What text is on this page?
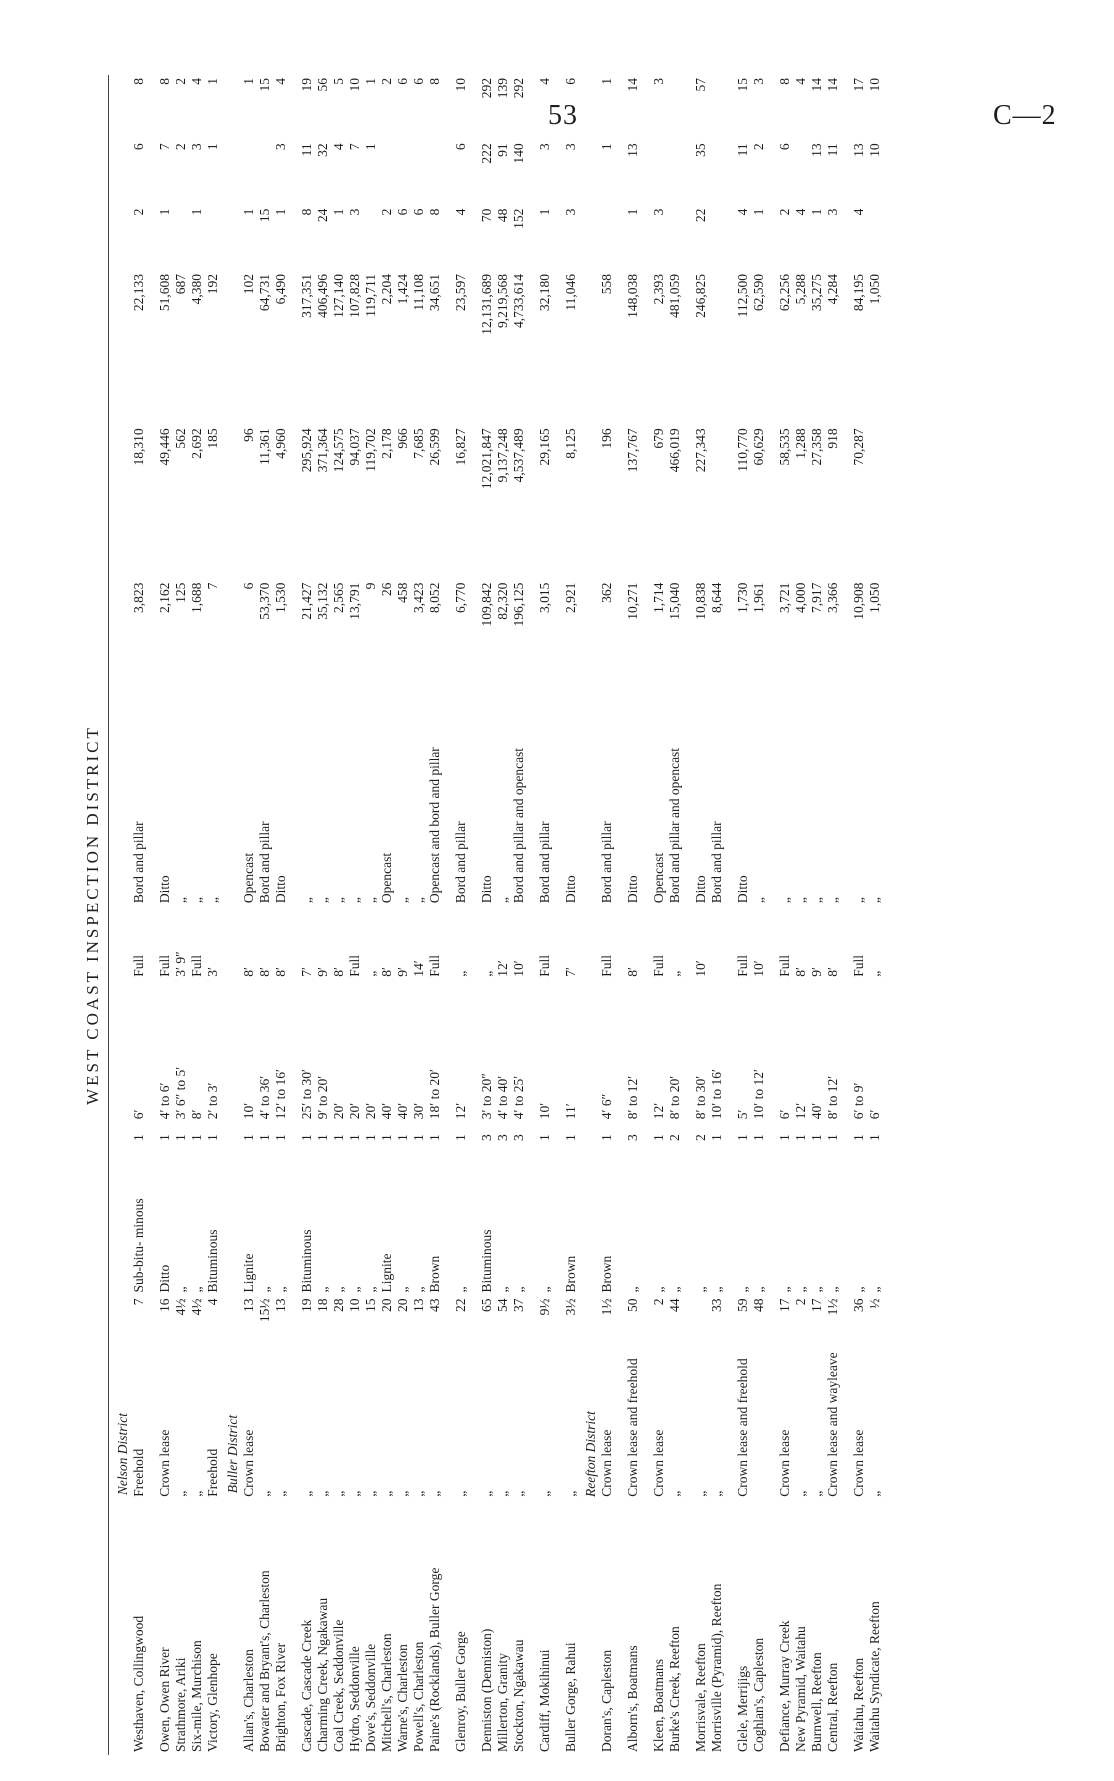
53	C—2
WEST COAST INSPECTION DISTRICT

Nelson District													
Westhaven, Collingwood	Freehold	7	Sub-bitu- minous	1	6′	Full	Bord and pillar	3,823	18,310	22,133	2	6	8

Owen, Owen River	Crown lease	16	Ditto	1	4′ to 6′	Full	Ditto	2,162	49,446	51,608	1	7	8
Strathmore, Ariki	„	4½	„	1	3′ 6″ to 5′	3′ 9″	„	125	562	687		2	2
Six-mile, Murchison	„	4½	„	1	8′	Full	„	1,688	2,692	4,380	1	3	4
Victory, Glenhope	Freehold	4	Bituminous	1	2′ to 3′	3′	„	7	185	192		1	1
Buller District													
Allan's, Charleston	Crown lease	13	Lignite	1	10′	8′	Opencast	6	96	102	1		1
Bowater and Bryant's, Charleston	„	15½	„	1	4′ to 36′	8′	Bord and pillar	53,370	11,361	64,731	15		15
Brighton, Fox River	„	13	„	1	12′ to 16′	8′	Ditto	1,530	4,960	6,490	1	3	4

Cascade, Cascade Creek	„	19	Bituminous	1	25′ to 30′	7′	„	21,427	295,924	317,351	8	11	19
Charming Creek, Ngakawau	„	18	„	1	9′ to 20′	9′	„	35,132	371,364	406,496	24	32	56
Coal Creek, Seddonville	„	28	„	1	20′	8′	„	2,565	124,575	127,140	1	4	5
Hydro, Seddonville	„	10	„	1	20′	Full	„	13,791	94,037	107,828	3	7	10
Dove's, Seddonville	„	15	„	1	20′	„	„	9	119,702	119,711		1	1
Mitchell's, Charleston	„	20	Lignite	1	40′	8′	Opencast	26	2,178	2,204	2		2
Warne's, Charleston	„	20	„	1	40′	9′	„	458	966	1,424	6		6
Powell's, Charleston	„	13	„	1	30′	14′	„	3,423	7,685	11,108	6		6
Paine's (Rocklands), Buller Gorge	„	43	Brown	1	18′ to 20′	Full	Opencast and bord and pillar	8,052	26,599	34,651	8		8

Glenroy, Buller Gorge	„	22	„	1	12′	„	Bord and pillar	6,770	16,827	23,597	4	6	10

Denniston (Denniston)	„	65	Bituminous	3	3′ to 20″	„	Ditto	109,842	12,021,847	12,131,689	70	222	292
Millerton, Granity	„	54	„	3	4′ to 40′	12′	„	82,320	9,137,248	9,219,568	48	91	139
Stockton, Ngakawau	„	37	„	3	4′ to 25′	10′	Bord and pillar and opencast	196,125	4,537,489	4,733,614	152	140	292

Cardiff, Mokihinui	„	9½	„	1	10′	Full	Bord and pillar	3,015	29,165	32,180	1	3	4

Buller Gorge, Rahui	„	3½	Brown	1	11′	7′	Ditto	2,921	8,125	11,046	3	3	6
Reefton District													
Doran's, Capleston	Crown lease	1½	Brown	1	4′ 6″	Full	Bord and pillar	362	196	558		1	1

Alborn's, Boatmans	Crown lease and freehold	50	„	3	8′ to 12′	8′	Ditto	10,271	137,767	148,038	1	13	14

Kleen, Boatmans	Crown lease	2	„	1	12′	Full	Opencast	1,714	679	2,393	3		3
Burke's Creek, Reefton	„	44	„	2	8′ to 20′	„	Bord and pillar and opencast	15,040	466,019	481,059			

Morrisvale, Reefton	„		„	2	8′ to 30′	10′	Ditto	10,838	227,343	246,825	22	35	57
Morrisville (Pyramid), Reefton	„	33	„	1	10′ to 16′		Bord and pillar	8,644					

Glele, Merrijigs	Crown lease and freehold	59	„	1	5′	Full	Ditto	1,730	110,770	112,500	4	11	15
Coghlan's, Capleston		48	„	1	10′ to 12′	10′	„	1,961	60,629	62,590	1	2	3

Defiance, Murray Creek	Crown lease	17	„	1	6′	Full	„	3,721	58,535	62,256	2	6	8
New Pyramid, Waitahu	„	2	„	1	12′	8′	„	4,000	1,288	5,288	4		4
Burnwell, Reefton	„	17	„	1	40′	9′	„	7,917	27,358	35,275	1	13	14
Central, Reefton	Crown lease and wayleave	1½	„	1	8′ to 12′	8′	„	3,366	918	4,284	3	11	14

Waitahu, Reefton	Crown lease	36	„	1	6′ to 9′	Full	„	10,908	70,287	84,195	4	13	17
Waitahu Syndicate, Reefton	„	½	„	1	6′	„	„	1,050		1,050		10	10
